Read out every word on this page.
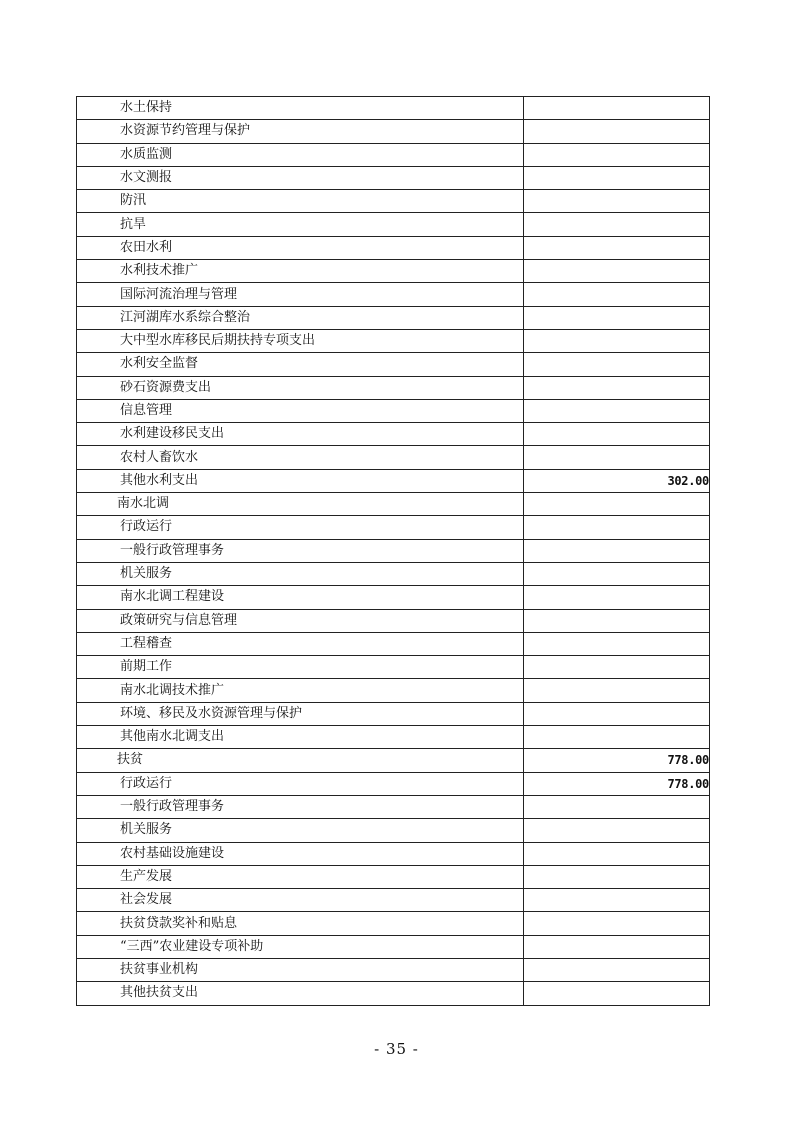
水土保持	
水资源节约管理与保护	
水质监测	
水文测报	
防汛	
抗旱	
农田水利	
水利技术推广	
国际河流治理与管理	
江河湖库水系综合整治	
大中型水库移民后期扶持专项支出	
水利安全监督	
砂石资源费支出	
信息管理	
水利建设移民支出	
农村人畜饮水	
其他水利支出	302.00
南水北调	
行政运行	
一般行政管理事务	
机关服务	
南水北调工程建设	
政策研究与信息管理	
工程稽查	
前期工作	
南水北调技术推广	
环境、移民及水资源管理与保护	
其他南水北调支出	
扶贫	778.00
行政运行	778.00
一般行政管理事务	
机关服务	
农村基础设施建设	
生产发展	
社会发展	
扶贫贷款奖补和贴息	
“三西”农业建设专项补助	
扶贫事业机构	
其他扶贫支出	
- 35 -
